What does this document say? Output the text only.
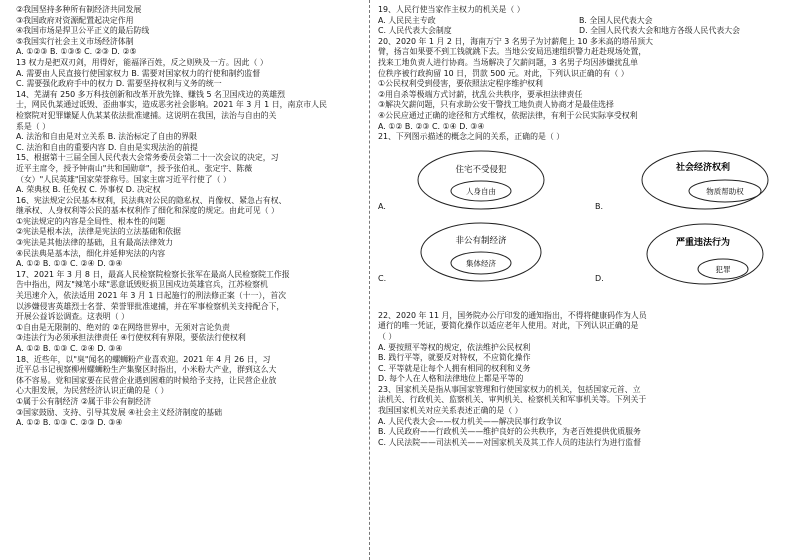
②我国坚持多种所有制经济共同发展
③我国政府对资源配置起决定作用
④我国市场是捍卫公平正义的最后防线
⑤我国实行社会主义市场经济体制
A. ①②③ B. ①③⑤ C. ②③ D. ②⑤
13 权力是把双刃剑，用得好，能福泽百姓，反之则殃及一方。因此（ ）
A. 需要由人民直接行使国家权力 B. 需要对国家权力的行使和制约监督
C. 需要强化政府手中的权力 D. 需要坚持权利与义务的统一
14、芜湖有 250 多万科技创新和改革开放先锋、赚钱 5 名卫国戍边的英雄烈
士，网民仇某通过诋毁、歪曲事实，造成恶劣社会影响。2021 年 3 月 1 日，南京市人民
检察院对犯罪嫌疑人仇某某依法批准逮捕。这说明在我国，法治与自由的关
系是（ ）
A. 法治和自由是对立关系 B. 法治标定了自由的界限
C. 法治和自由的重要内容 D. 自由是实现法治的前提
15、根据第十三届全国人民代表大会常务委员会第二十一次会议的决定，习
近平主席令，授予钟南山"共和国勋章"，授予张伯礼、张定宇、陈薇
（女）"人民英雄"国家荣誉称号。国家主席习近平行使了（ ）
A. 荣典权 B. 任免权 C. 外事权 D. 决定权
16、宪法规定公民基本权利，民法典对公民的隐私权、肖像权、紧急占有权、
继承权、人身权利等公民的基本权利作了细化和深度的规定。由此可见（ ）
①宪法规定的内容是全局性、根本性的问题
②宪法是根本法，法律是宪法的立法基础和依据
③宪法是其他法律的基础，且有最高法律效力
④民法典是基本法，细化并延伸宪法的内容
A. ①② B. ①③ C. ②④ D. ③④
17、2021 年 3 月 8 日，最高人民检察院检察长张军在最高人民检察院工作报
告中指出，网友"辣笔小球"恶意诋毁贬损卫国戍边英雄官兵，江苏检察机
关迅速介入，依法适用 2021 年 3 月 1 日起施行的刑法修正案（十一），首次
以涉嫌侵害英雄烈士名誉、荣誉罪批准逮捕，并在军事检察机关支持配合下，
开展公益诉讼调查。这表明（ ）
①自由是无限制的、绝对的 ②在网络世界中，无须对言论负责
③违法行为必须承担法律责任 ④行使权利有界限，要依法行使权利
A. ①② B. ①③ C. ②④ D. ③④
18、近些年，以"臭"闻名的螺蛳粉产业喜欢迎。2021 年 4 月 26 日，习
近平总书记视察柳州螺蛳粉生产集聚区时指出，小米粉大产业，群到这么大
体不容易。党和国家要在民营企业遇到困难的时候给予支持，让民营企业放
心大胆发展，为民营经济认识正确的是（ ）
①属于公有制经济 ②属于非公有制经济
③国家鼓励、支持、引导其发展 ④社会主义经济制度的基础
A. ①② B. ①③ C. ②③ D. ③④
19、人民行使当家作主权力的机关是（ ）
A. 人民民主专政	B. 全国人民代表大会
C. 人民代表大会制度	D. 全国人民代表大会和地方各级人民代表大会
20、2020 年 1 月 2 日，海南万宁 3 名男子为讨薪爬上 10 多米高的塔吊顶大
臂，扬言如果要不到工钱就跳下去。当地公安局迅速组织警力赶赴现场处置，
找来工地负责人进行协商。当场解决了欠薪问题，3 名男子均因涉嫌扰乱单
位秩序被行政拘留 10 日，罚款 500 元。对此，下列认识正确的有（ ）
①公民权利受到侵害，要依照法定程序维护权利
②用自杀等极端方式讨薪，扰乱公共秩序，要承担法律责任
③解决欠薪问题，只有求助公安干警找工地负责人协商才是最佳选择
④公民应通过正确的途径和方式维权，依据法律，有利于公民实际享受权利
A. ①② B. ②③ C. ①④ D. ③④
21、下列图示描述的概念之间的关系，正确的是（ ）
A.
住宅不受侵犯
人身自由
B.
社会经济权利
物质帮助权
C.
非公有制经济
集体经济
D.
严重违法行为
犯罪
22、2020 年 11 月，国务院办公厅印发的通知指出，不得将健康码作为人员
通行的唯一凭证，要简化操作以适应老年人使用。对此，下列认识正确的是
（ ）
A. 要按照平等权的规定，依法维护公民权利
B. 践行平等，就要反对特权，不应简化操作
C. 平等就是让每个人拥有相同的权利和义务
D. 每个人在人格和法律地位上都是平等的
23、国家机关是指从事国家管理和行使国家权力的机关，包括国家元首、立
法机关、行政机关、监察机关、审判机关、检察机关和军事机关等。下列关于
我国国家机关对应关系表述正确的是（ ）
A. 人民代表大会——权力机关——解决民事行政争议
B. 人民政府——行政机关——维护良好的公共秩序，为老百姓提供优质服务
C. 人民法院——司法机关——对国家机关及其工作人员的违法行为进行监督
